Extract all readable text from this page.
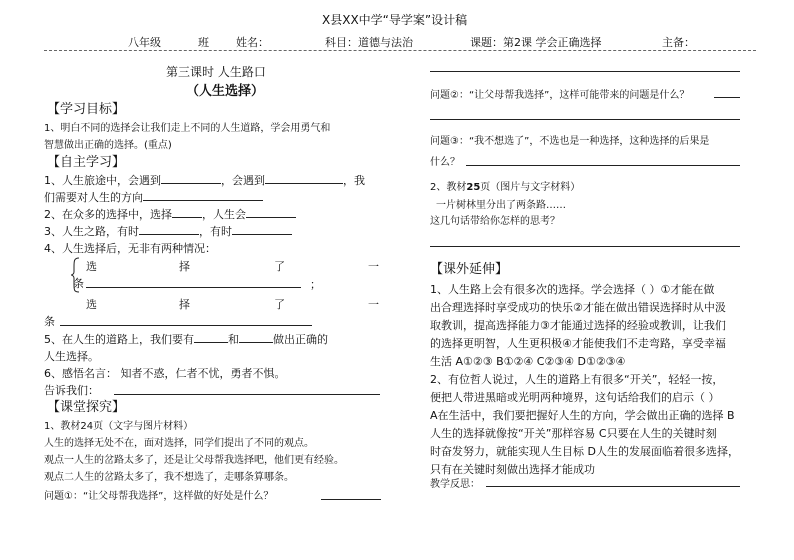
X县XX中学“导学案”设计稿
八年级	班 姓名：	科目：道德与法治	课题：第2课 学会正确选择	主备：
第三课时 人生路口
（人生选择）
【学习目标】
1、明白不同的选择会让我们走上不同的人生道路，学会用勇气和
智慧做出正确的选择。(重点)
【自主学习】
1、人生旅途中，会遇到	，会遇到	，我
们需要对人生的方向
2、在众多的选择中，选择	，人生会
3、人生之路，有时	，有时
4、人生选择后，无非有两种情况：
选	择	了	一
条	；
选	择	了	一
条
5、在人生的道路上，我们要有	和	做出正确的
人生选择。
6、感悟名言： 知者不惑，仁者不忧，勇者不惧。
告诉我们：
【课堂探究】
1、教材24页（文字与图片材料）
人生的选择无处不在，面对选择，同学们提出了不同的观点。
观点一人生的岔路太多了，还是让父母帮我选择吧，他们更有经验。
观点二人生的岔路太多了，我不想选了，走哪条算哪条。
问题①：“让父母帮我选择”，这样做的好处是什么？
问题②：“让父母帮我选择”，这样可能带来的问题是什么？
问题③：“我不想选了”，不选也是一种选择，这种选择的后果是
什么？
2、教材25页（图片与文字材料）
一片树林里分出了两条路……
这几句话带给你怎样的思考？
【课外延伸】
1、人生路上会有很多次的选择。学会选择（ ）①才能在做
出合理选择时享受成功的快乐②才能在做出错误选择时从中汲
取教训，提高选择能力③才能通过选择的经验或教训，让我们
的选择更明智，人生更积极④才能使我们不走弯路，享受幸福
生活 A①②③ B①②④ C②③④ D①②③④
2、有位哲人说过，人生的道路上有很多“开关”，轻轻一按，
便把人带进黑暗或光明两种境界，这句话给我们的启示（ ）
A在生活中，我们要把握好人生的方向，学会做出正确的选择 B
人生的选择就像按“开关”那样容易 C只要在人生的关键时刻
时奋发努力，就能实现人生目标 D人生的发展面临着很多选择，
只有在关键时刻做出选择才能成功
教学反思：
